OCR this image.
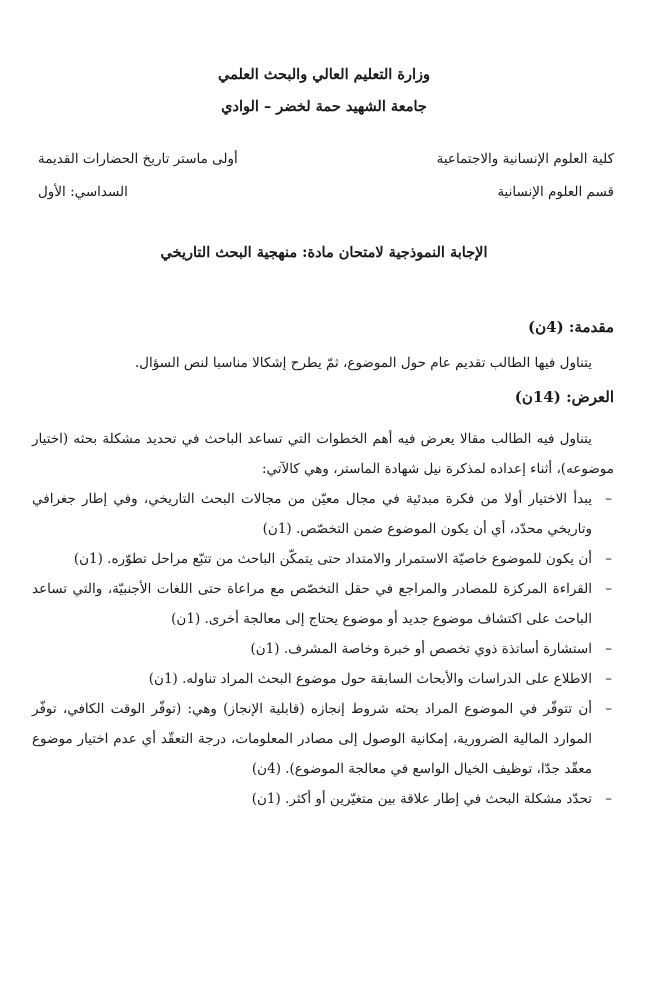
وزارة التعليم العالي والبحث العلمي
جامعة الشهيد حمة لخضر – الوادي
كلية العلوم الإنسانية والاجتماعية
أولى ماستر تاريخ الحضارات القديمة
قسم العلوم الإنسانية
السداسي: الأول
الإجابة النموذجية لامتحان مادة: منهجية البحث التاريخي
مقدمة: (4ن)
يتناول فيها الطالب تقديم عام حول الموضوع، ثمّ يطرح إشكالا مناسبا لنص السؤال.
العرض: (14ن)
يتناول فيه الطالب مقالا يعرض فيه أهم الخطوات التي تساعد الباحث في تحديد مشكلة بحثه (اختيار موضوعه)، أثناء إعداده لمذكرة نيل شهادة الماستر، وهي كالآتي:
– يبدأ الاختيار أولا من فكرة مبدئية في مجال معيّن من مجالات البحث التاريخي، وفي إطار جغرافي وتاريخي محدّد، أي أن يكون الموضوع ضمن التخصّص. (1ن)
– أن يكون للموضوع خاصيّة الاستمرار والامتداد حتى يتمكّن الباحث من تتبّع مراحل تطوّره. (1ن)
– القراءة المركزة للمصادر والمراجع في حقل التخصّص مع مراعاة حتى اللغات الأجنبيّة، والتي تساعد الباحث على اكتشاف موضوع جديد أو موضوع يحتاج إلى معالجة أخرى. (1ن)
– استشارة أساتذة ذوي تخصص أو خبرة وخاصة المشرف. (1ن)
– الاطلاع على الدراسات والأبحاث السابقة حول موضوع البحث المراد تناوله. (1ن)
– أن تتوفّر في الموضوع المراد بحثه شروط إنجازه (قابلية الإنجاز) وهي: (توفّر الوقت الكافي، توفّر الموارد المالية الضرورية، إمكانية الوصول إلى مصادر المعلومات، درجة التعقّد أي عدم اختيار موضوع معقّد جدّا، توظيف الخيال الواسع في معالجة الموضوع). (4ن)
– تحدّد مشكلة البحث في إطار علاقة بين متغيّرين أو أكثر. (1ن)
